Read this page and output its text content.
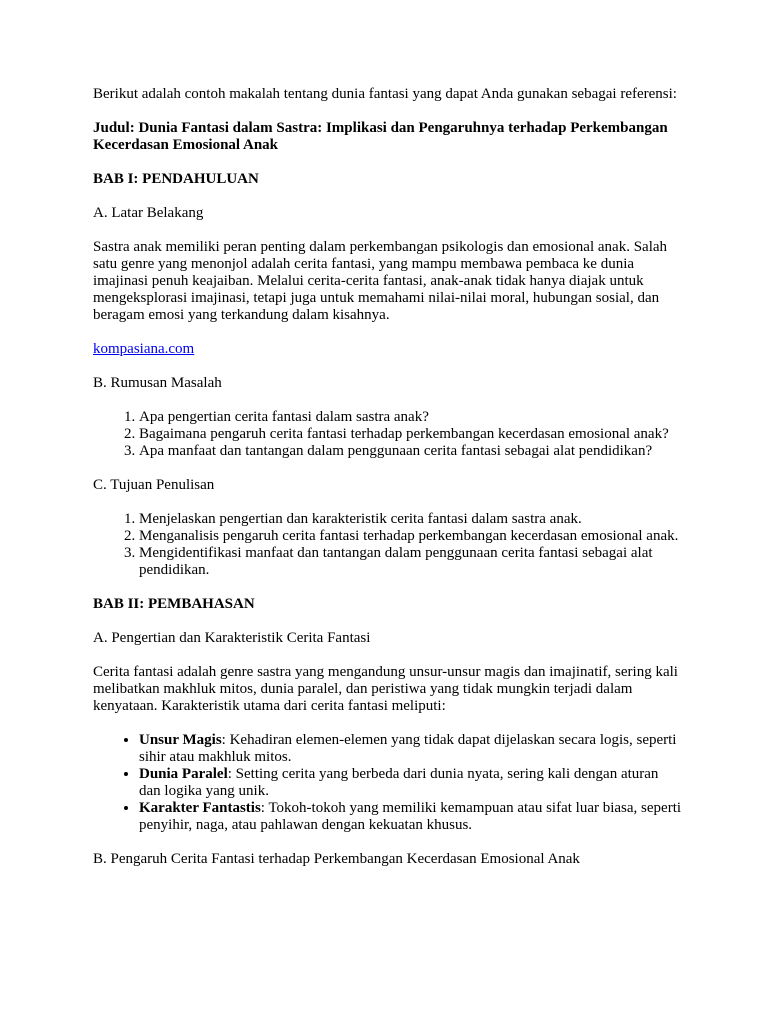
Berikut adalah contoh makalah tentang dunia fantasi yang dapat Anda gunakan sebagai referensi:

Judul: Dunia Fantasi dalam Sastra: Implikasi dan Pengaruhnya terhadap Perkembangan Kecerdasan Emosional Anak

BAB I: PENDAHULUAN

A. Latar Belakang

Sastra anak memiliki peran penting dalam perkembangan psikologis dan emosional anak. Salah satu genre yang menonjol adalah cerita fantasi, yang mampu membawa pembaca ke dunia imajinasi penuh keajaiban. Melalui cerita-cerita fantasi, anak-anak tidak hanya diajak untuk mengeksplorasi imajinasi, tetapi juga untuk memahami nilai-nilai moral, hubungan sosial, dan beragam emosi yang terkandung dalam kisahnya.

kompasiana.com

B. Rumusan Masalah

1. Apa pengertian cerita fantasi dalam sastra anak?
2. Bagaimana pengaruh cerita fantasi terhadap perkembangan kecerdasan emosional anak?
3. Apa manfaat dan tantangan dalam penggunaan cerita fantasi sebagai alat pendidikan?

C. Tujuan Penulisan

1. Menjelaskan pengertian dan karakteristik cerita fantasi dalam sastra anak.
2. Menganalisis pengaruh cerita fantasi terhadap perkembangan kecerdasan emosional anak.
3. Mengidentifikasi manfaat dan tantangan dalam penggunaan cerita fantasi sebagai alat pendidikan.

BAB II: PEMBAHASAN

A. Pengertian dan Karakteristik Cerita Fantasi

Cerita fantasi adalah genre sastra yang mengandung unsur-unsur magis dan imajinatif, sering kali melibatkan makhluk mitos, dunia paralel, dan peristiwa yang tidak mungkin terjadi dalam kenyataan. Karakteristik utama dari cerita fantasi meliputi:

• Unsur Magis: Kehadiran elemen-elemen yang tidak dapat dijelaskan secara logis, seperti sihir atau makhluk mitos.
• Dunia Paralel: Setting cerita yang berbeda dari dunia nyata, sering kali dengan aturan dan logika yang unik.
• Karakter Fantastis: Tokoh-tokoh yang memiliki kemampuan atau sifat luar biasa, seperti penyihir, naga, atau pahlawan dengan kekuatan khusus.

B. Pengaruh Cerita Fantasi terhadap Perkembangan Kecerdasan Emosional Anak
